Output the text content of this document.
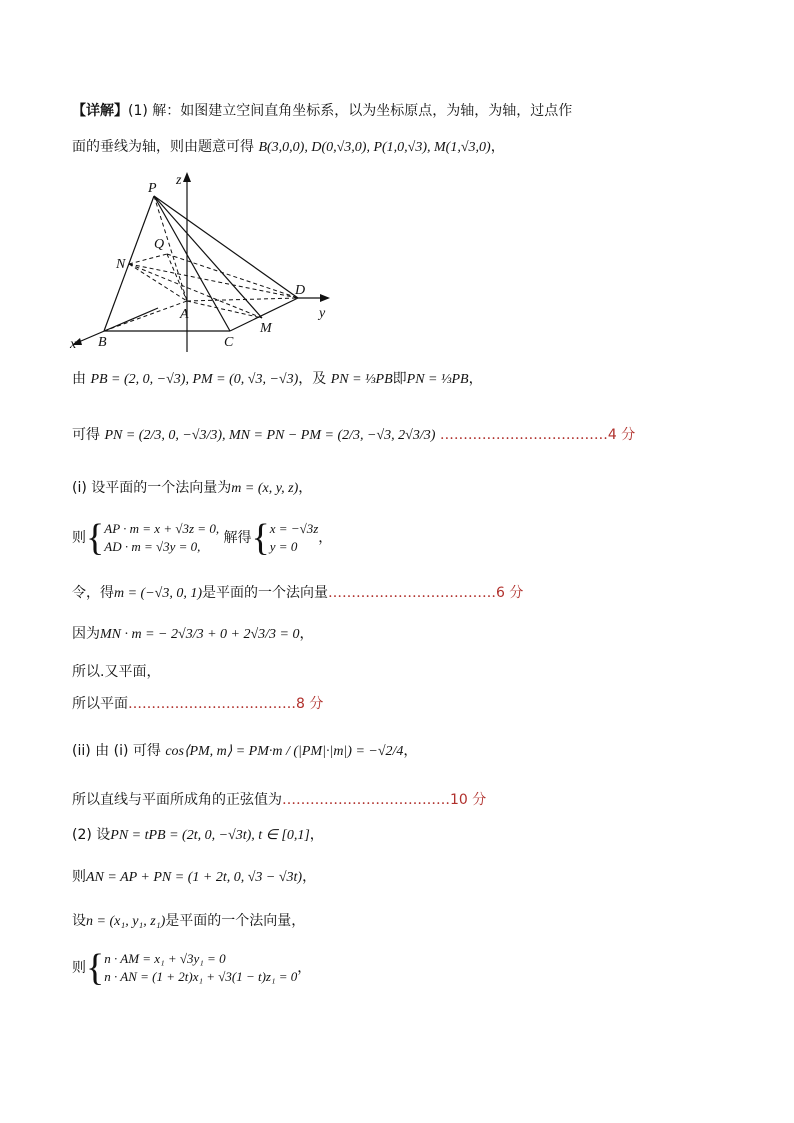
【详解】(1) 解：如图建立空间直角坐标系，以为坐标原点，为轴，为轴，过点作
面的垂线为轴，则由题意可得 B(3,0,0), D(0,√3,0), P(1,0,√3), M(1,√3,0)，
P
Q
N
A
B	C
M
D
x
y
z
由 PB = (2, 0, −√3), PM = (0, √3, −√3)，及 PN = ⅓PB即PN = ⅓PB，
可得 PN = (2/3, 0, −√3/3), MN = PN − PM = (2/3, −√3, 2√3/3) ………………………………4 分
(i) 设平面的一个法向量为m = (x, y, z)，
则{ AP · m = x + √3z = 0,
AD · m = √3y = 0,
解得{ x = −√3z
y = 0
，
令，得m = (−√3, 0, 1)是平面的一个法向量………………………………6 分
因为MN · m = − 2√3/3 + 0 + 2√3/3 = 0，
所以.又平面，
所以平面………………………………8 分
(ii) 由 (i) 可得 cos⟨PM, m⟩ = PM·m / (|PM|·|m|) = −√2/4，
所以直线与平面所成角的正弦值为………………………………10 分
(2) 设PN = tPB = (2t, 0, −√3t), t ∈ [0,1]，
则AN = AP + PN = (1 + 2t, 0, √3 − √3t)，
设n = (x₁, y₁, z₁)是平面的一个法向量，
则{ n · AM = x₁ + √3y₁ = 0
n · AN = (1 + 2t)x₁ + √3(1 − t)z₁ = 0
，
